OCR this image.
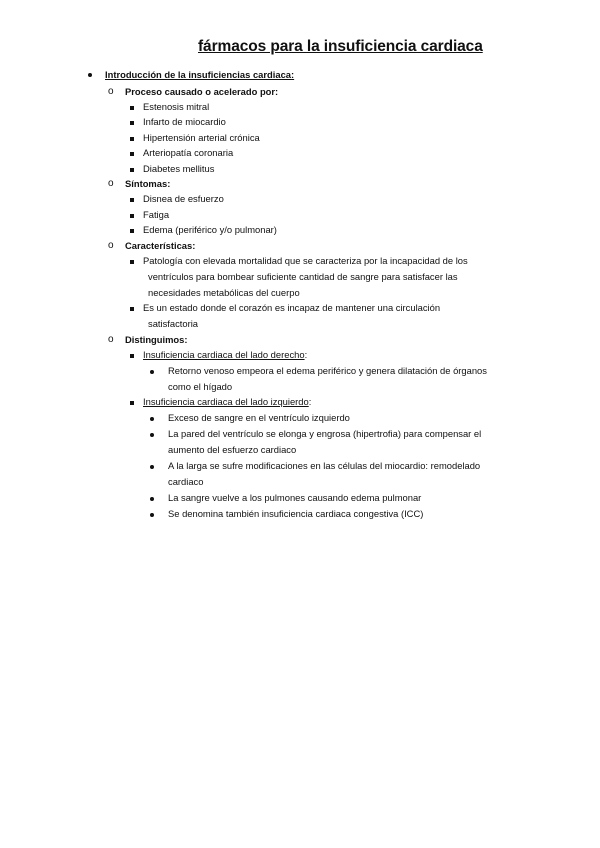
fármacos para la insuficiencia cardiaca
Introducción de la insuficiencias cardiaca:
o Proceso causado o acelerado por:
Estenosis mitral
Infarto de miocardio
Hipertensión arterial crónica
Arteriopatía coronaria
Diabetes mellitus
o Síntomas:
Disnea de esfuerzo
Fatiga
Edema (periférico y/o pulmonar)
o Características:
Patología con elevada mortalidad que se caracteriza por la incapacidad de los
ventrículos para bombear suficiente cantidad de sangre para satisfacer las
necesidades metabólicas del cuerpo
Es un estado donde el corazón es incapaz de mantener una circulación
satisfactoria
o Distinguimos:
Insuficiencia cardiaca del lado derecho:
Retorno venoso empeora el edema periférico y genera dilatación de órganos
como el hígado
Insuficiencia cardiaca del lado izquierdo:
Exceso de sangre en el ventrículo izquierdo
La pared del ventrículo se elonga y engrosa (hipertrofia) para compensar el
aumento del esfuerzo cardiaco
A la larga se sufre modificaciones en las células del miocardio: remodelado
cardiaco
La sangre vuelve a los pulmones causando edema pulmonar
Se denomina también insuficiencia cardiaca congestiva (ICC)
